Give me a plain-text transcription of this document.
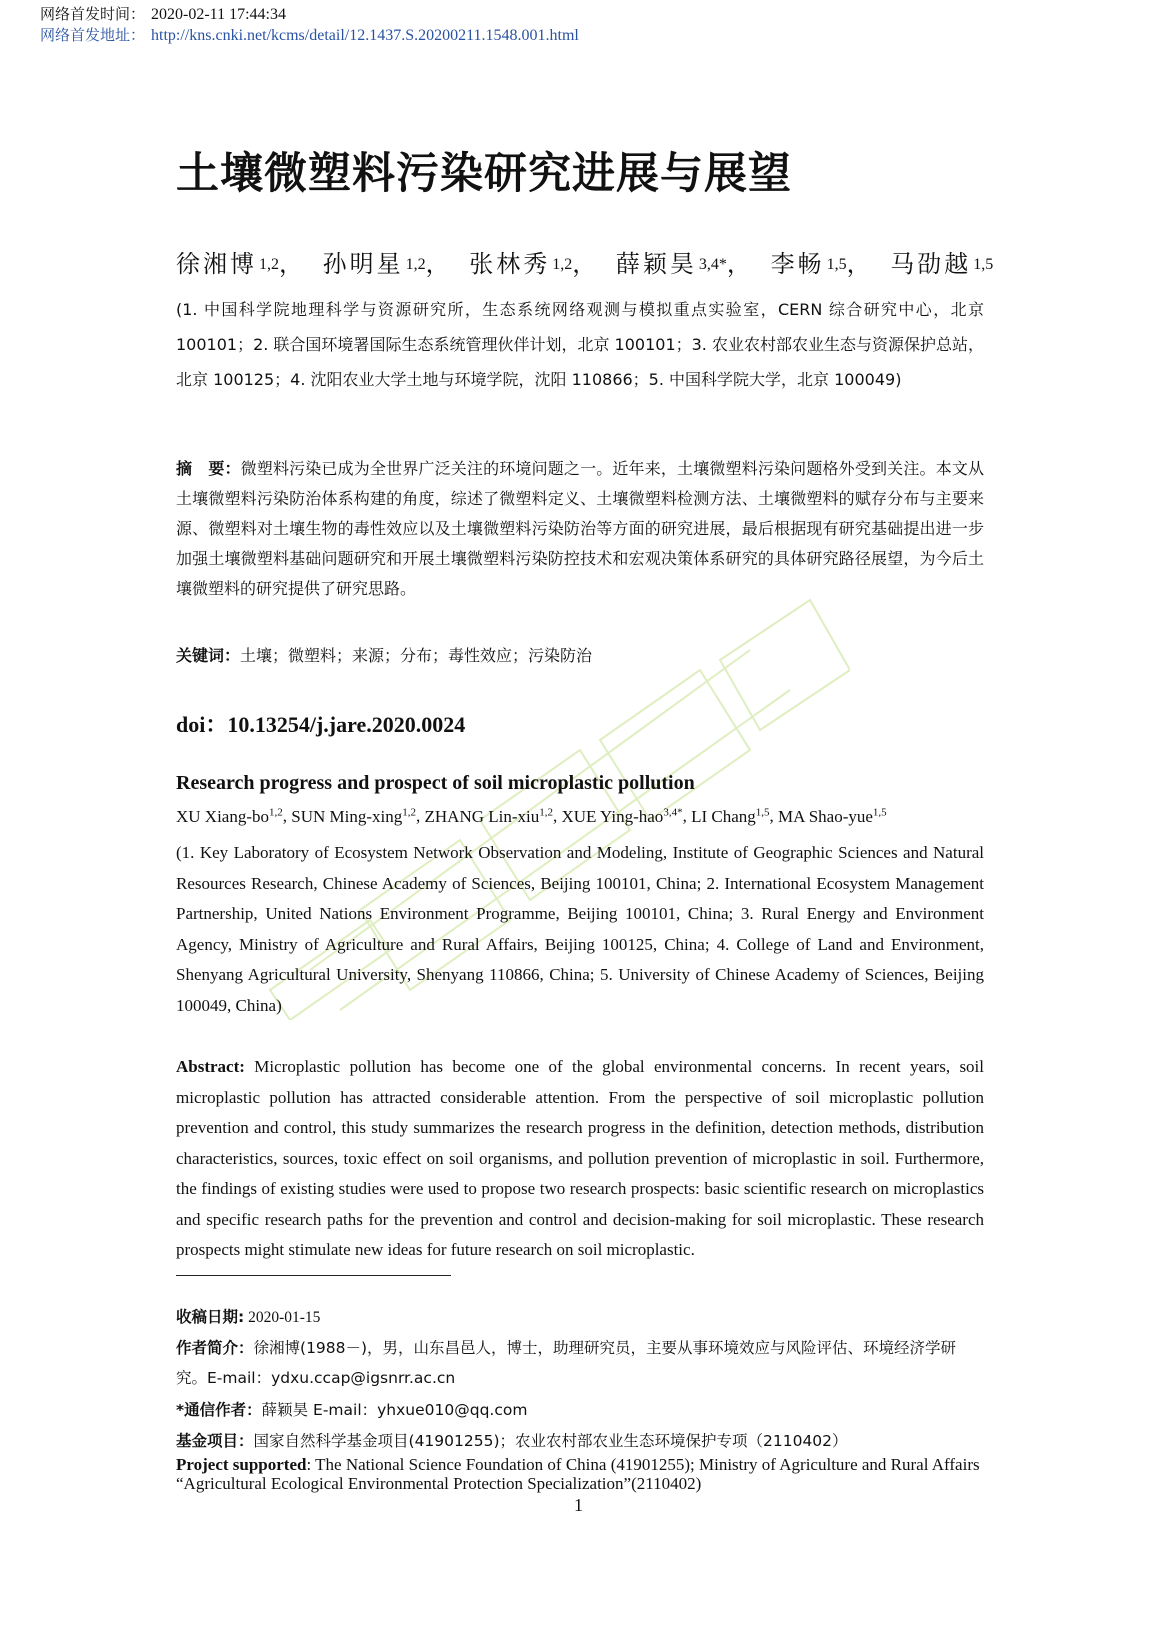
网络首发时间： 2020-02-11 17:44:34
网络首发地址： http://kns.cnki.net/kcms/detail/12.1437.S.20200211.1548.001.html
土壤微塑料污染研究进展与展望
徐湘博 $^{1,2}$， 孙明星 $^{1,2}$， 张林秀 $^{1,2}$， 薛颖昊 $^{3,4*}$， 李畅 $^{1,5}$， 马劭越 $^{1,5}$
(1. 中国科学院地理科学与资源研究所，生态系统网络观测与模拟重点实验室，CERN 综合研究中心，北京 100101；2. 联合国环境署国际生态系统管理伙伴计划，北京 100101；3. 农业农村部农业生态与资源保护总站，北京 100125；4. 沈阳农业大学土地与环境学院，沈阳 110866；5. 中国科学院大学，北京 100049)
摘　要：微塑料污染已成为全世界广泛关注的环境问题之一。近年来，土壤微塑料污染问题格外受到关注。本文从土壤微塑料污染防治体系构建的角度，综述了微塑料定义、土壤微塑料检测方法、土壤微塑料的赋存分布与主要来源、微塑料对土壤生物的毒性效应以及土壤微塑料污染防治等方面的研究进展，最后根据现有研究基础提出进一步加强土壤微塑料基础问题研究和开展土壤微塑料污染防控技术和宏观决策体系研究的具体研究路径展望，为今后土壤微塑料的研究提供了研究思路。
关键词：土壤；微塑料；来源；分布；毒性效应；污染防治
doi：10.13254/j.jare.2020.0024
Research progress and prospect of soil microplastic pollution
XU Xiang-bo$^{1,2}$, SUN Ming-xing$^{1,2}$, ZHANG Lin-xiu$^{1,2}$, XUE Ying-hao$^{3,4*}$, LI Chang$^{1,5}$, MA Shao-yue$^{1,5}$
(1. Key Laboratory of Ecosystem Network Observation and Modeling, Institute of Geographic Sciences and Natural Resources Research, Chinese Academy of Sciences, Beijing 100101, China; 2. International Ecosystem Management Partnership, United Nations Environment Programme, Beijing 100101, China; 3. Rural Energy and Environment Agency, Ministry of Agriculture and Rural Affairs, Beijing 100125, China; 4. College of Land and Environment, Shenyang Agricultural University, Shenyang 110866, China; 5. University of Chinese Academy of Sciences, Beijing 100049, China)
Abstract: Microplastic pollution has become one of the global environmental concerns. In recent years, soil microplastic pollution has attracted considerable attention. From the perspective of soil microplastic pollution prevention and control, this study summarizes the research progress in the definition, detection methods, distribution characteristics, sources, toxic effect on soil organisms, and pollution prevention of microplastic in soil. Furthermore, the findings of existing studies were used to propose two research prospects: basic scientific research on microplastics and specific research paths for the prevention and control and decision-making for soil microplastic. These research prospects might stimulate new ideas for future research on soil microplastic.
收稿日期: 2020-01-15
作者简介：徐湘博(1988－)，男，山东昌邑人，博士，助理研究员，主要从事环境效应与风险评估、环境经济学研究。E-mail：ydxu.ccap@igsnrr.ac.cn
*通信作者：薛颖昊 E-mail：yhxue010@qq.com
基金项目：国家自然科学基金项目(41901255)；农业农村部农业生态环境保护专项（2110402）
Project supported: The National Science Foundation of China (41901255); Ministry of Agriculture and Rural Affairs “Agricultural Ecological Environmental Protection Specialization”(2110402)
1
